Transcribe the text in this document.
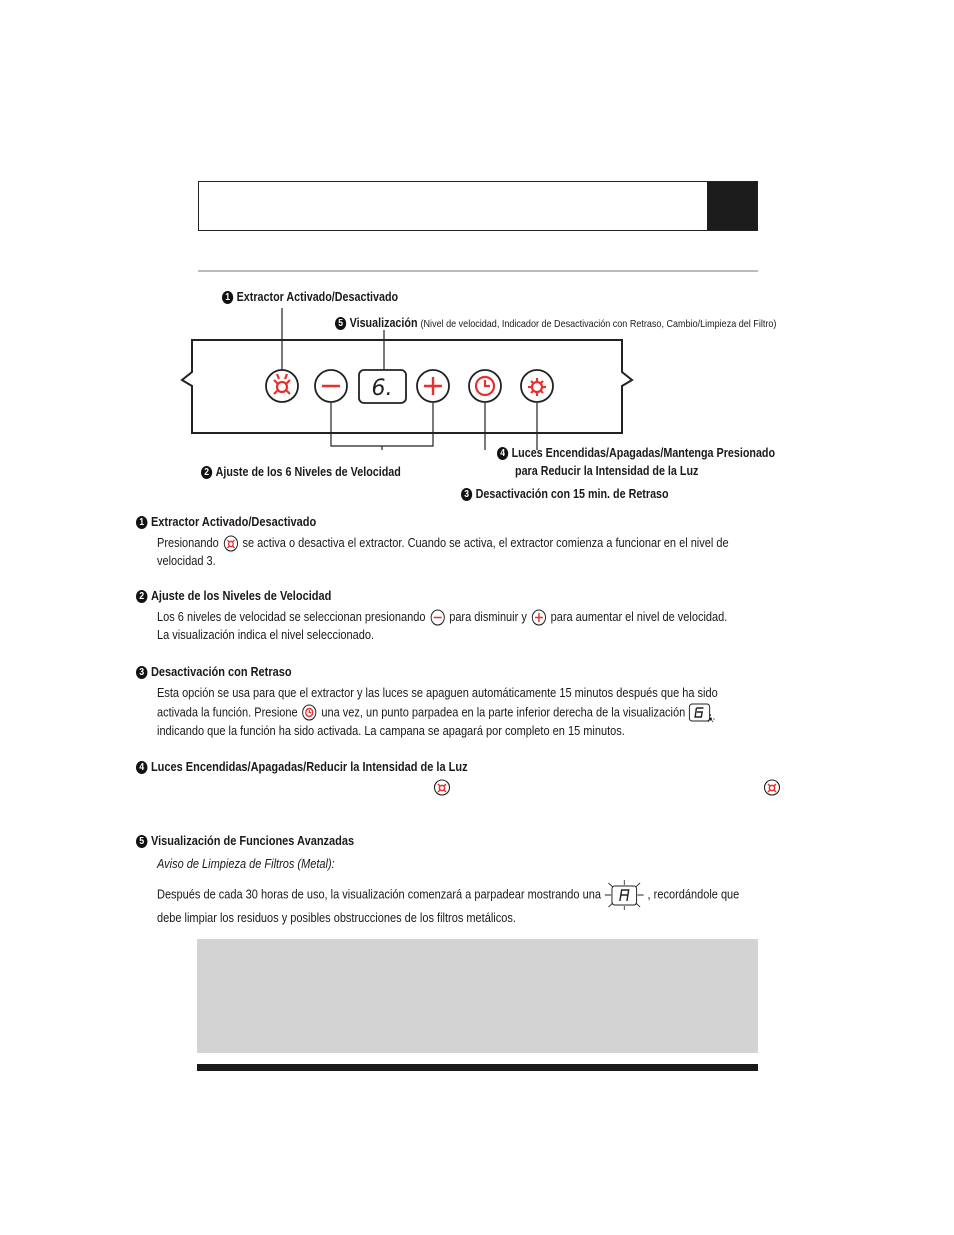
1 Extractor Activado/Desactivado
5 Visualización (Nivel de velocidad, Indicador de Desactivación con Retraso, Cambio/Limpieza del Filtro)
6.
4 Luces Encendidas/Apagadas/Mantenga Presionado
para Reducir la Intensidad de la Luz
2 Ajuste de los 6 Niveles de Velocidad
3 Desactivación con 15 min. de Retraso
1 Extractor Activado/Desactivado
Presionando se activa o desactiva el extractor. Cuando se activa, el extractor comienza a funcionar en el nivel de
velocidad 3.
2 Ajuste de los Niveles de Velocidad
Los 6 niveles de velocidad se seleccionan presionando para disminuir y para aumentar el nivel de velocidad.
La visualización indica el nivel seleccionado.
3 Desactivación con Retraso
Esta opción se usa para que el extractor y las luces se apaguen automáticamente 15 minutos después que ha sido
activada la función. Presione una vez, un punto parpadea en la parte inferior derecha de la visualización
indicando que la función ha sido activada. La campana se apagará por completo en 15 minutos.
4 Luces Encendidas/Apagadas/Reducir la Intensidad de la Luz
5 Visualización de Funciones Avanzadas
Aviso de Limpieza de Filtros (Metal):
Después de cada 30 horas de uso, la visualización comenzará a parpadear mostrando una	, recordándole que
debe limpiar los residuos y posibles obstrucciones de los filtros metálicos.
